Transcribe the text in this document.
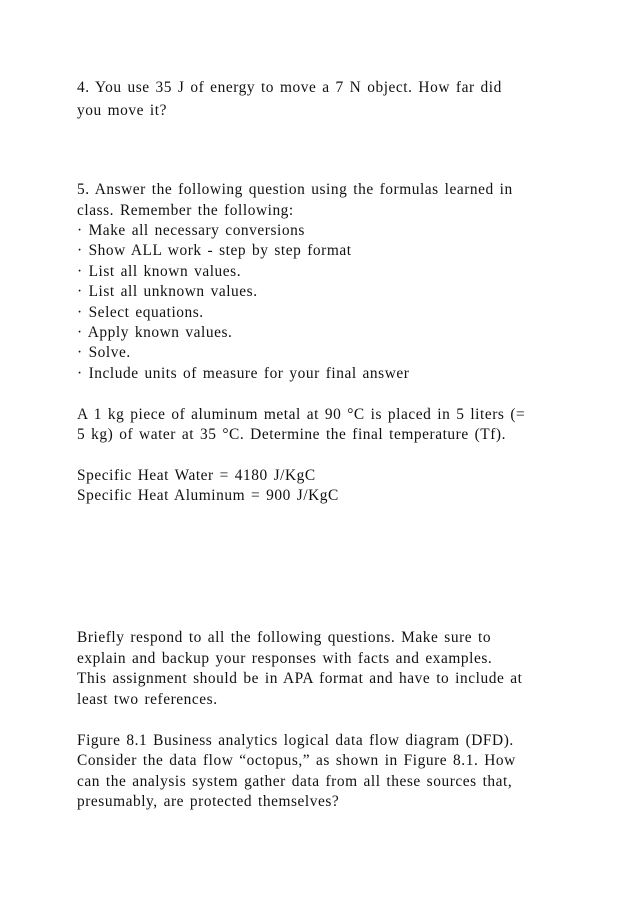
4. You use 35 J of energy to move a 7 N object. How far did

you move it?

5. Answer the following question using the formulas learned in

class. Remember the following:

· Make all necessary conversions

· Show ALL work - step by step format

· List all known values.

· List all unknown values.

· Select equations.

· Apply known values.

· Solve.

· Include units of measure for your final answer

A 1 kg piece of aluminum metal at 90 °C is placed in 5 liters (=

5 kg) of water at 35 °C. Determine the final temperature (Tf).

Specific Heat Water = 4180 J/KgC

Specific Heat Aluminum = 900 J/KgC

Briefly respond to all the following questions. Make sure to

explain and backup your responses with facts and examples.

This assignment should be in APA format and have to include at

least two references.

Figure 8.1 Business analytics logical data flow diagram (DFD).

Consider the data flow “octopus,” as shown in Figure 8.1. How

can the analysis system gather data from all these sources that,

presumably, are protected themselves?
